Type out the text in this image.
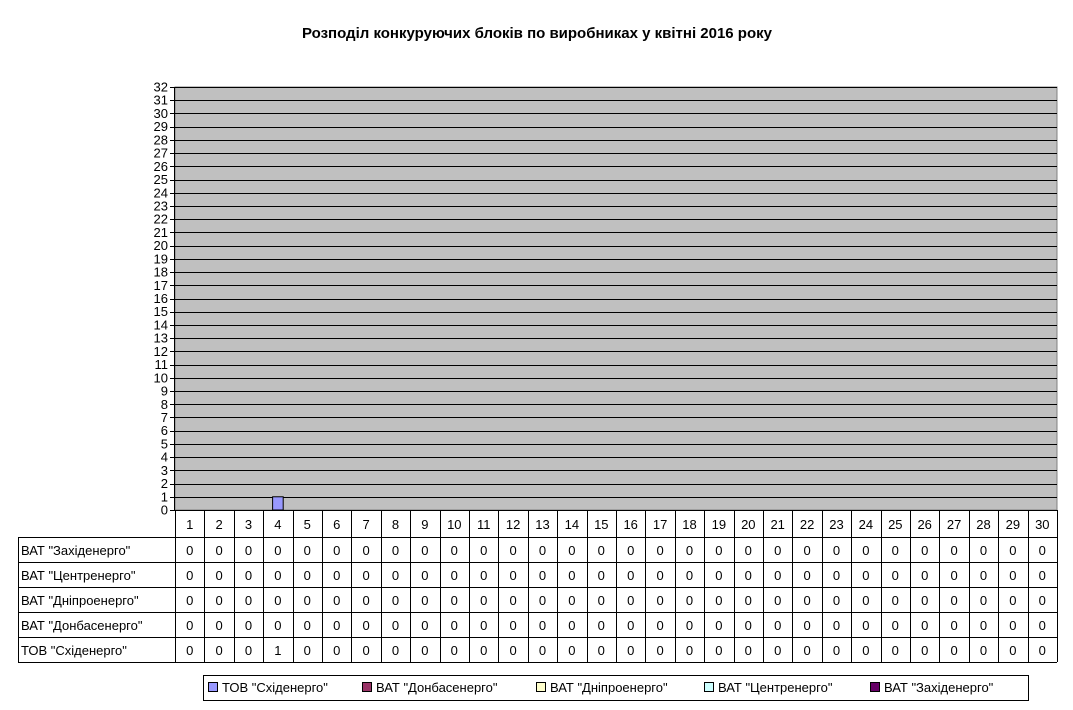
Розподіл конкуруючих блоків по виробниках у квітні 2016 року
0
1
2
3
4
5
6
7
8
9
10
11
12
13
14
15
16
17
18
19
20
21
22
23
24
25
26
27
28
29
30
31
32
1 2 3 4 5 6 7 8 9 10 11 12 13 14 15 16 17 18 19 20 21 22 23 24 25 26 27 28 29 30
ВАТ "Західенерго"	0 0 0 0 0 0 0 0 0 0 0 0 0 0 0 0 0 0 0 0 0 0 0 0 0 0 0 0 0 0
ВАТ "Центренерго"	0 0 0 0 0 0 0 0 0 0 0 0 0 0 0 0 0 0 0 0 0 0 0 0 0 0 0 0 0 0
ВАТ "Дніпроенерго"	0 0 0 0 0 0 0 0 0 0 0 0 0 0 0 0 0 0 0 0 0 0 0 0 0 0 0 0 0 0
ВАТ "Донбасенерго"	0 0 0 0 0 0 0 0 0 0 0 0 0 0 0 0 0 0 0 0 0 0 0 0 0 0 0 0 0 0
ТОВ "Східенерго"	0 0 0 1 0 0 0 0 0 0 0 0 0 0 0 0 0 0 0 0 0 0 0 0 0 0 0 0 0 0
ТОВ "Східенерго"	ВАТ "Донбасенерго"	ВАТ "Дніпроенерго"	ВАТ "Центренерго"	ВАТ "Західенерго"
